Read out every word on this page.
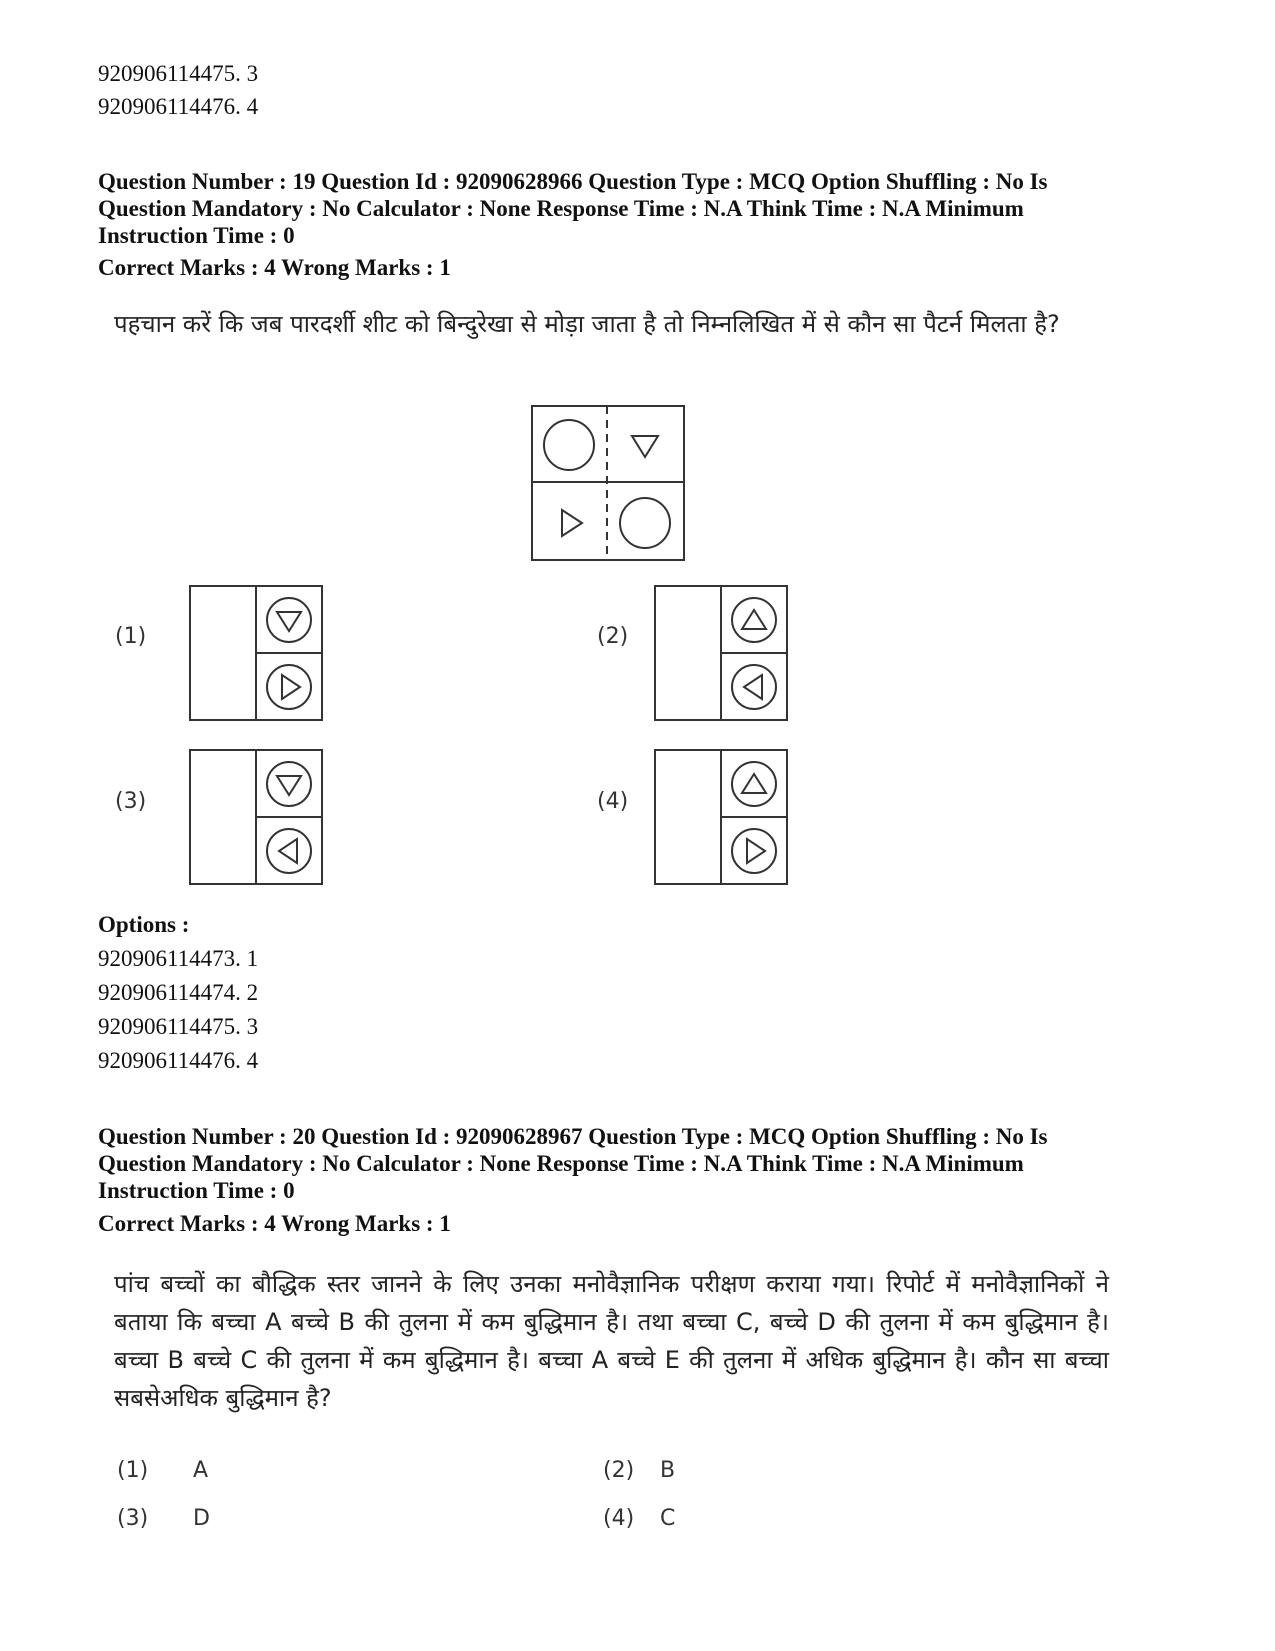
920906114475. 3
920906114476. 4
Question Number : 19 Question Id : 92090628966 Question Type : MCQ Option Shuffling : No Is
Question Mandatory : No Calculator : None Response Time : N.A Think Time : N.A Minimum
Instruction Time : 0
Correct Marks : 4 Wrong Marks : 1
पहचान करें कि जब पारदर्शी शीट को बिन्दुरेखा से मोड़ा जाता है तो निम्नलिखित में से कौन सा पैटर्न मिलता है?
(1)	(2)
(3)	(4)
Options :
920906114473. 1
920906114474. 2
920906114475. 3
920906114476. 4
Question Number : 20 Question Id : 92090628967 Question Type : MCQ Option Shuffling : No Is
Question Mandatory : No Calculator : None Response Time : N.A Think Time : N.A Minimum
Instruction Time : 0
Correct Marks : 4 Wrong Marks : 1
पांच बच्चों का बौद्धिक स्तर जानने के लिए उनका मनोवैज्ञानिक परीक्षण कराया गया। रिपोर्ट में मनोवैज्ञानिकों ने बताया कि बच्चा A बच्चे B की तुलना में कम बुद्धिमान है। तथा बच्चा C, बच्चे D की तुलना में कम बुद्धिमान है। बच्चा B बच्चे C की तुलना में कम बुद्धिमान है। बच्चा A बच्चे E की तुलना में अधिक बुद्धिमान है। कौन सा बच्चा सबसेअधिक बुद्धिमान है?
(1) A	(2) B
(3) D	(4) C
